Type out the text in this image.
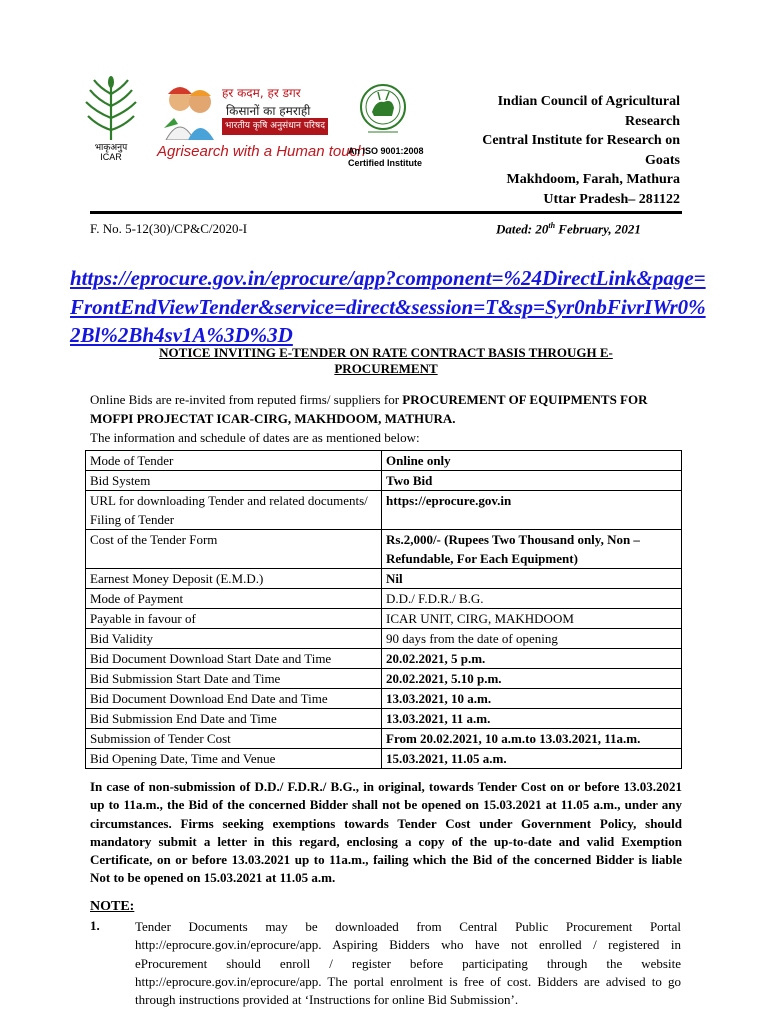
भाकृअनुप
ICAR
हर कदम, हर डगर
किसानों का हमराही
भारतीय कृषि अनुसंधान परिषद
Agrisearch with a Human touch
An ISO 9001:2008
Certified Institute
Indian Council of Agricultural
Research
Central Institute for Research on
Goats
Makhdoom, Farah, Mathura
Uttar Pradesh– 281122
F. No. 5-12(30)/CP&C/2020-I	Dated: 20th February, 2021
https://eprocure.gov.in/eprocure/app?component=%24DirectLink&page=FrontEndViewTender&service=direct&session=T&sp=Syr0nbFivrIWr0%2Bl%2Bh4sv1A%3D%3D
NOTICE INVITING E-TENDER ON RATE CONTRACT BASIS THROUGH E-
PROCUREMENT
Online Bids are re-invited from reputed firms/ suppliers for PROCUREMENT OF EQUIPMENTS FOR MOFPI PROJECTAT ICAR-CIRG, MAKHDOOM, MATHURA.
The information and schedule of dates are as mentioned below:
Mode of Tender	Online only
Bid System	Two Bid
URL for downloading Tender and related documents/ Filing of Tender	https://eprocure.gov.in
Cost of the Tender Form	Rs.2,000/- (Rupees Two Thousand only, Non – Refundable, For Each Equipment)
Earnest Money Deposit (E.M.D.)	Nil
Mode of Payment	D.D./ F.D.R./ B.G.
Payable in favour of	ICAR UNIT, CIRG, MAKHDOOM
Bid Validity	90 days from the date of opening
Bid Document Download Start Date and Time	20.02.2021, 5 p.m.
Bid Submission Start Date and Time	20.02.2021, 5.10 p.m.
Bid Document Download End Date and Time	13.03.2021, 10 a.m.
Bid Submission End Date and Time	13.03.2021, 11 a.m.
Submission of Tender Cost	From 20.02.2021, 10 a.m.to 13.03.2021, 11a.m.
Bid Opening Date, Time and Venue	15.03.2021, 11.05 a.m.
In case of non-submission of D.D./ F.D.R./ B.G., in original, towards Tender Cost on or before 13.03.2021 up to 11a.m., the Bid of the concerned Bidder shall not be opened on 15.03.2021 at 11.05 a.m., under any circumstances. Firms seeking exemptions towards Tender Cost under Government Policy, should mandatory submit a letter in this regard, enclosing a copy of the up-to-date and valid Exemption Certificate, on or before 13.03.2021 up to 11a.m., failing which the Bid of the concerned Bidder is liable Not to be opened on 15.03.2021 at 11.05 a.m.
NOTE:
1.	Tender Documents may be downloaded from Central Public Procurement Portal http://eprocure.gov.in/eprocure/app. Aspiring Bidders who have not enrolled / registered in eProcurement should enroll / register before participating through the website http://eprocure.gov.in/eprocure/app. The portal enrolment is free of cost. Bidders are advised to go through instructions provided at ‘Instructions for online Bid Submission’.
